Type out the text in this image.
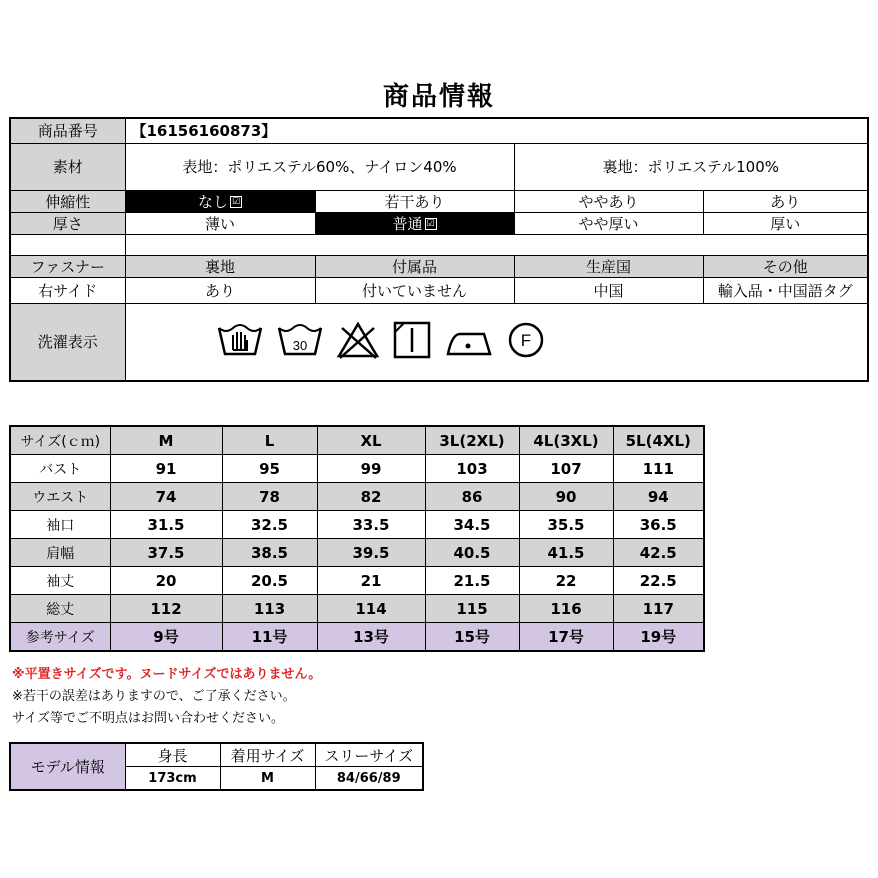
商品情報
商品番号	【16156160873】			
素材	表地：ポリエステル60%、ナイロン40%		裏地：ポリエステル100%	
伸縮性	なし ☑	若干あり	ややあり	あり
厚さ	薄い	普通 ☑	やや厚い	厚い

ファスナー	裏地	付属品	生産国	その他
右サイド	あり	付いていません	中国	輸入品・中国語タグ
洗濯表示	30 F			
サイズ(ｃｍ)	M	L	XL	3L(2XL)	4L(3XL)	5L(4XL)
バスト	91	95	99	103	107	111
ウエスト	74	78	82	86	90	94
袖口	31.5	32.5	33.5	34.5	35.5	36.5
肩幅	37.5	38.5	39.5	40.5	41.5	42.5
袖丈	20	20.5	21	21.5	22	22.5
総丈	112	113	114	115	116	117
参考サイズ	9号	11号	13号	15号	17号	19号
※平置きサイズです。ヌードサイズではありません。
※若干の誤差はありますので、ご了承ください。
サイズ等でご不明点はお問い合わせください。
モデル情報	身長	着用サイズ	スリーサイズ
	173cm	M	84/66/89
